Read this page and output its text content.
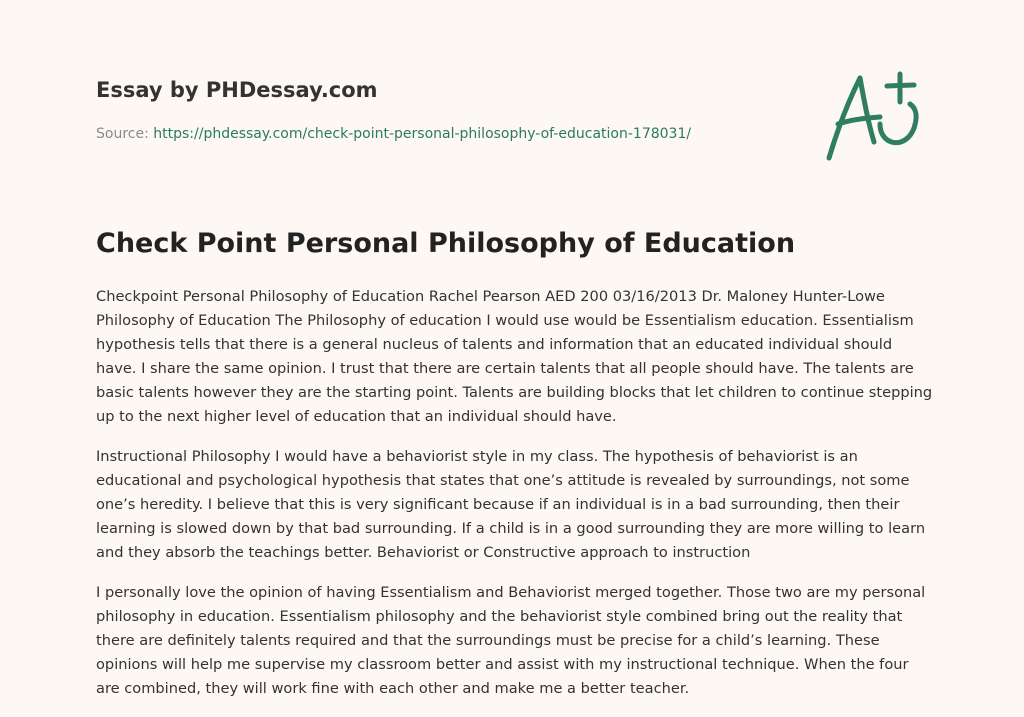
Essay by PHDessay.com
Source: https://phdessay.com/check-point-personal-philosophy-of-education-178031/
Check Point Personal Philosophy of Education

Checkpoint Personal Philosophy of Education Rachel Pearson AED 200 03/16/2013 Dr. Maloney Hunter-Lowe Philosophy of Education The Philosophy of education I would use would be Essentialism education. Essentialism hypothesis tells that there is a general nucleus of talents and information that an educated individual should have. I share the same opinion. I trust that there are certain talents that all people should have. The talents are basic talents however they are the starting point. Talents are building blocks that let children to continue stepping up to the next higher level of education that an individual should have.

Instructional Philosophy I would have a behaviorist style in my class. The hypothesis of behaviorist is an educational and psychological hypothesis that states that one’s attitude is revealed by surroundings, not some one’s heredity. I believe that this is very significant because if an individual is in a bad surrounding, then their learning is slowed down by that bad surrounding. If a child is in a good surrounding they are more willing to learn and they absorb the teachings better. Behaviorist or Constructive approach to instruction

I personally love the opinion of having Essentialism and Behaviorist merged together. Those two are my personal philosophy in education. Essentialism philosophy and the behaviorist style combined bring out the reality that there are definitely talents required and that the surroundings must be precise for a child’s learning. These opinions will help me supervise my classroom better and assist with my instructional technique. When the four are combined, they will work fine with each other and make me a better teacher.
